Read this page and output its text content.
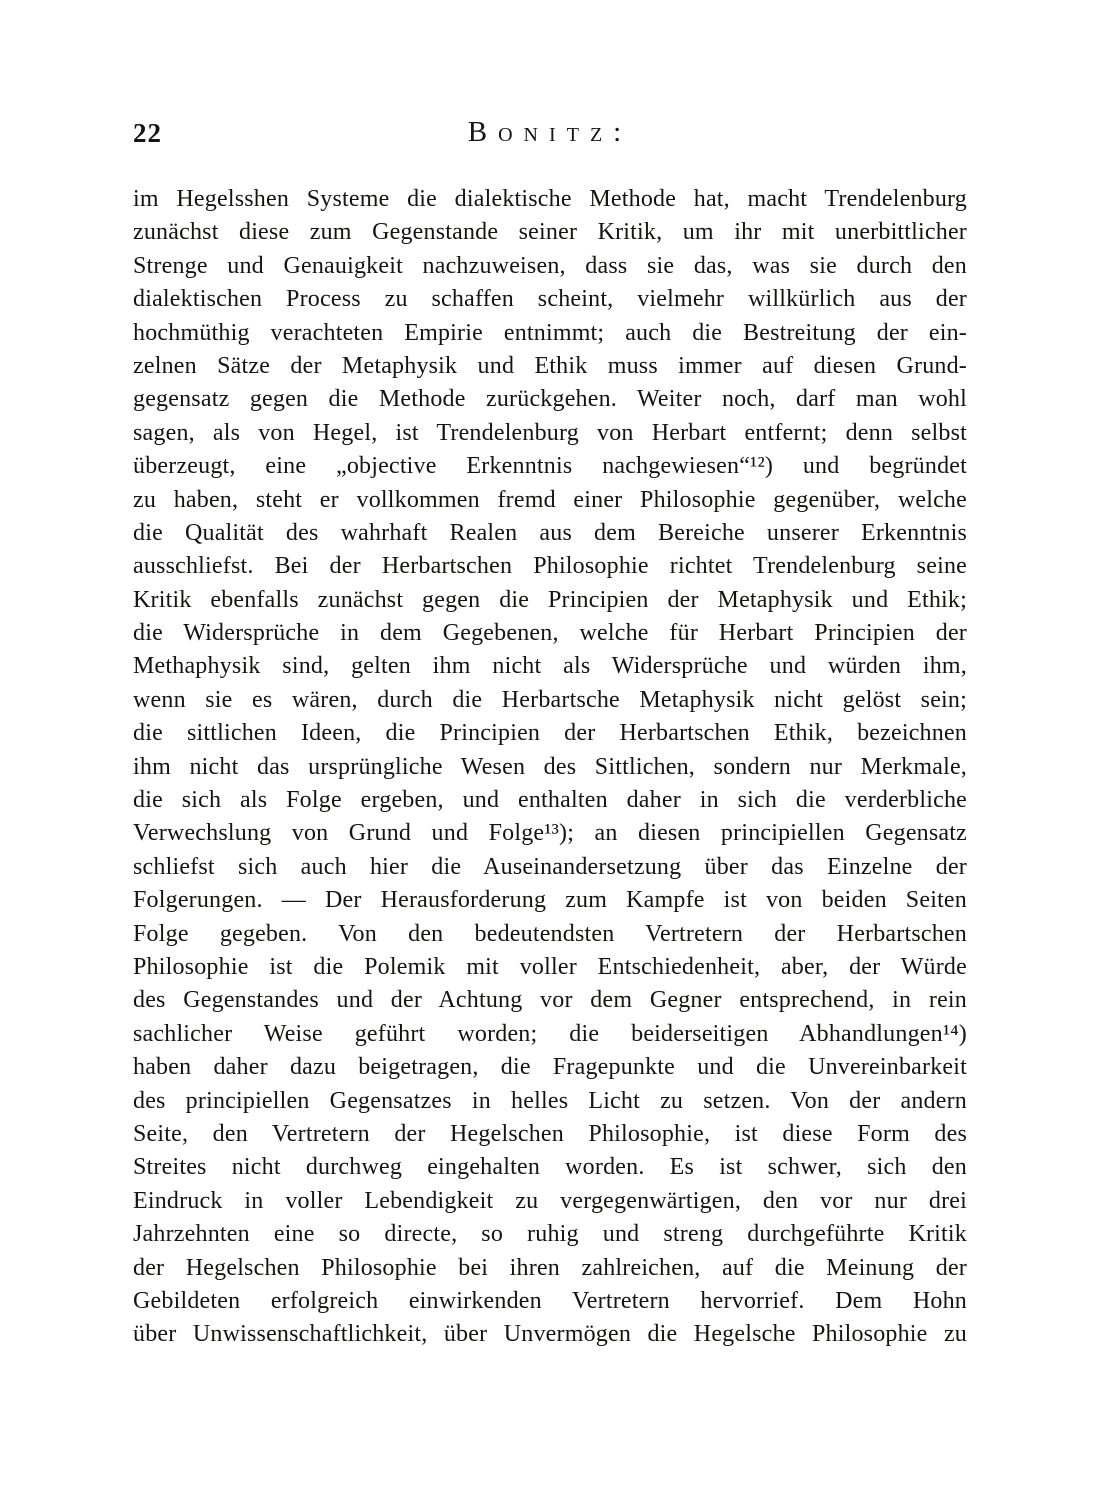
22	Bonitz:
im Hegelsshen Systeme die dialektische Methode hat, macht Trendelenburg
zunächst diese zum Gegenstande seiner Kritik, um ihr mit unerbittlicher
Strenge und Genauigkeit nachzuweisen, dass sie das, was sie durch den
dialektischen Process zu schaffen scheint, vielmehr willkürlich aus der
hochmüthig verachteten Empirie entnimmt; auch die Bestreitung der ein-
zelnen Sätze der Metaphysik und Ethik muss immer auf diesen Grund-
gegensatz gegen die Methode zurückgehen. Weiter noch, darf man wohl
sagen, als von Hegel, ist Trendelenburg von Herbart entfernt; denn selbst
überzeugt, eine „objective Erkenntnis nachgewiesen“¹²) und begründet
zu haben, steht er vollkommen fremd einer Philosophie gegenüber, welche
die Qualität des wahrhaft Realen aus dem Bereiche unserer Erkenntnis
ausschliefst. Bei der Herbartschen Philosophie richtet Trendelenburg seine
Kritik ebenfalls zunächst gegen die Principien der Metaphysik und Ethik;
die Widersprüche in dem Gegebenen, welche für Herbart Principien der
Methaphysik sind, gelten ihm nicht als Widersprüche und würden ihm,
wenn sie es wären, durch die Herbartsche Metaphysik nicht gelöst sein;
die sittlichen Ideen, die Principien der Herbartschen Ethik, bezeichnen
ihm nicht das ursprüngliche Wesen des Sittlichen, sondern nur Merkmale,
die sich als Folge ergeben, und enthalten daher in sich die verderbliche
Verwechslung von Grund und Folge¹³); an diesen principiellen Gegensatz
schliefst sich auch hier die Auseinandersetzung über das Einzelne der
Folgerungen. — Der Herausforderung zum Kampfe ist von beiden Seiten
Folge gegeben. Von den bedeutendsten Vertretern der Herbartschen
Philosophie ist die Polemik mit voller Entschiedenheit, aber, der Würde
des Gegenstandes und der Achtung vor dem Gegner entsprechend, in rein
sachlicher Weise geführt worden; die beiderseitigen Abhandlungen¹⁴)
haben daher dazu beigetragen, die Fragepunkte und die Unvereinbarkeit
des principiellen Gegensatzes in helles Licht zu setzen. Von der andern
Seite, den Vertretern der Hegelschen Philosophie, ist diese Form des
Streites nicht durchweg eingehalten worden. Es ist schwer, sich den
Eindruck in voller Lebendigkeit zu vergegenwärtigen, den vor nur drei
Jahrzehnten eine so directe, so ruhig und streng durchgeführte Kritik
der Hegelschen Philosophie bei ihren zahlreichen, auf die Meinung der
Gebildeten erfolgreich einwirkenden Vertretern hervorrief. Dem Hohn
über Unwissenschaftlichkeit, über Unvermögen die Hegelsche Philosophie zu
